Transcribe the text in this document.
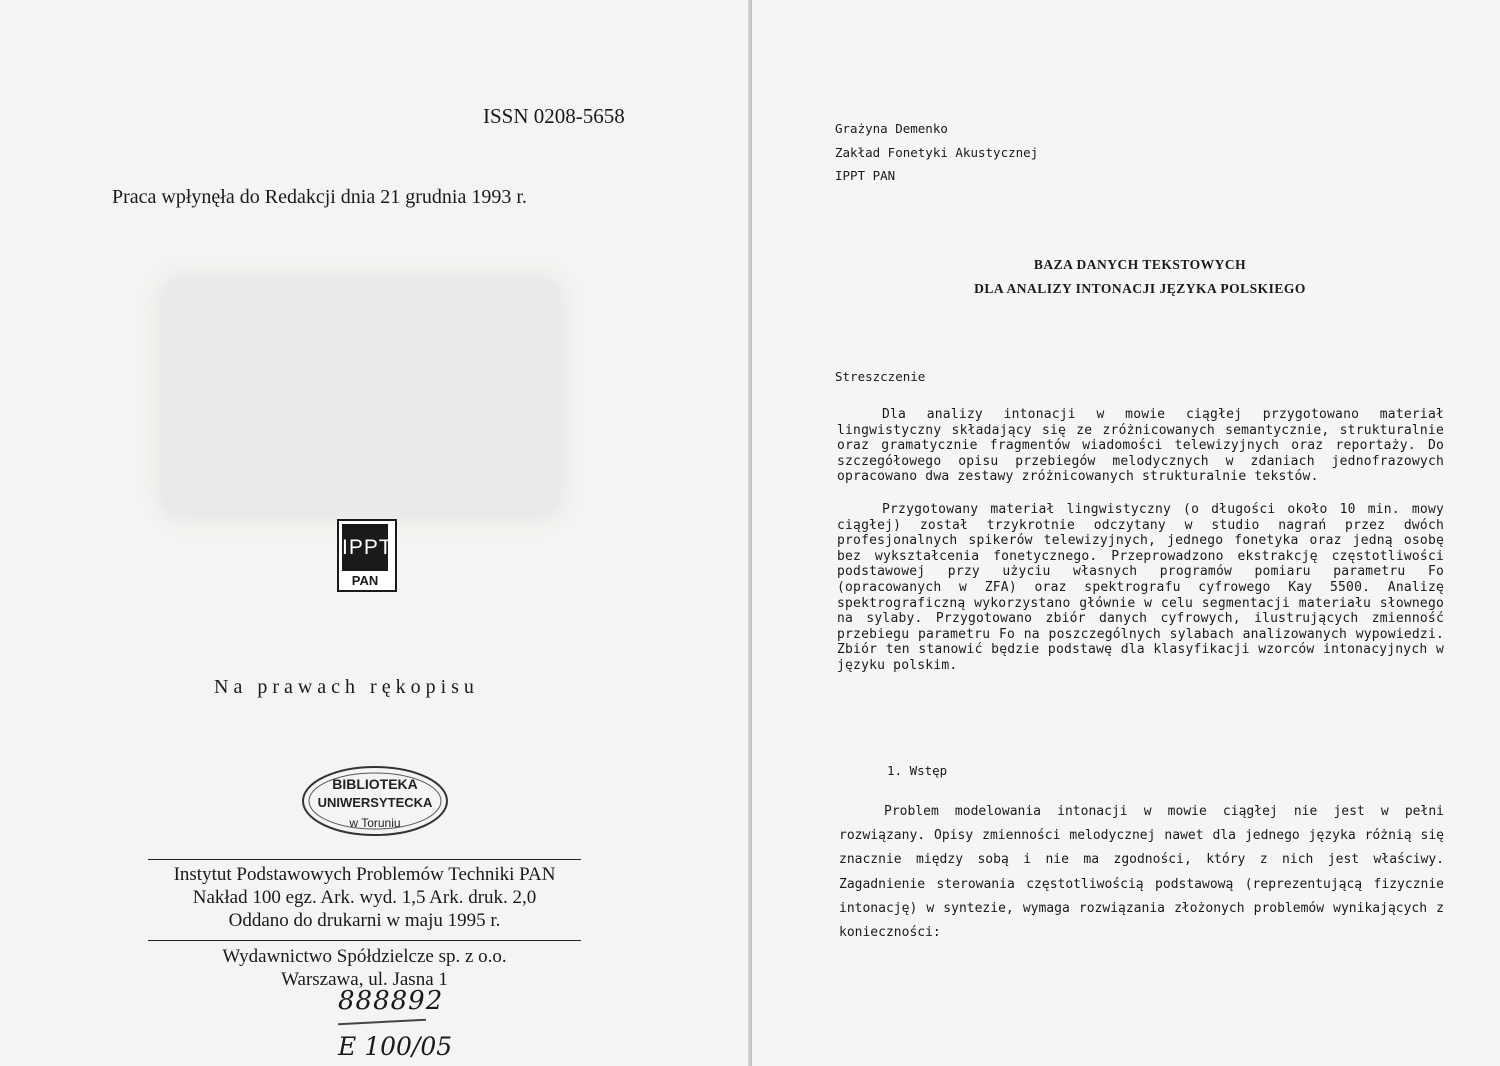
ISSN 0208-5658
Praca wpłynęła do Redakcji dnia 21 grudnia 1993 r.
IPPT
PAN
Na prawach rękopisu
BIBLIOTEKA
UNIWERSYTECKA
w Toruniu
Instytut Podstawowych Problemów Techniki PAN
Nakład 100 egz. Ark. wyd. 1,5 Ark. druk. 2,0
Oddano do drukarni w maju 1995 r.
Wydawnictwo Spółdzielcze sp. z o.o.
Warszawa, ul. Jasna 1
888892
E 100/05
Grażyna Demenko
Zakład Fonetyki Akustycznej
IPPT PAN
BAZA DANYCH TEKSTOWYCH
DLA ANALIZY INTONACJI JĘZYKA POLSKIEGO
Streszczenie
Dla analizy intonacji w mowie ciągłej przygotowano materiał lingwistyczny składający się ze zróżnicowanych semantycznie, strukturalnie oraz gramatycznie fragmentów wiadomości telewizyjnych oraz reportaży. Do szczegółowego opisu przebiegów melodycznych w zdaniach jednofrazowych opracowano dwa zestawy zróżnicowanych strukturalnie tekstów.
Przygotowany materiał lingwistyczny (o długości około 10 min. mowy ciągłej) został trzykrotnie odczytany w studio nagrań przez dwóch profesjonalnych spikerów telewizyjnych, jednego fonetyka oraz jedną osobę bez wykształcenia fonetycznego. Przeprowadzono ekstrakcję częstotliwości podstawowej przy użyciu własnych programów pomiaru parametru Fo (opracowanych w ZFA) oraz spektrografu cyfrowego Kay 5500. Analizę spektrograficzną wykorzystano głównie w celu segmentacji materiału słownego na sylaby. Przygotowano zbiór danych cyfrowych, ilustrujących zmienność przebiegu parametru Fo na poszczególnych sylabach analizowanych wypowiedzi. Zbiór ten stanowić będzie podstawę dla klasyfikacji wzorców intonacyjnych w języku polskim.
1. Wstęp
Problem modelowania intonacji w mowie ciągłej nie jest w pełni rozwiązany. Opisy zmienności melodycznej nawet dla jednego języka różnią się znacznie między sobą i nie ma zgodności, który z nich jest właściwy. Zagadnienie sterowania częstotliwością podstawową (reprezentującą fizycznie intonację) w syntezie, wymaga rozwiązania złożonych problemów wynikających z konieczności:
